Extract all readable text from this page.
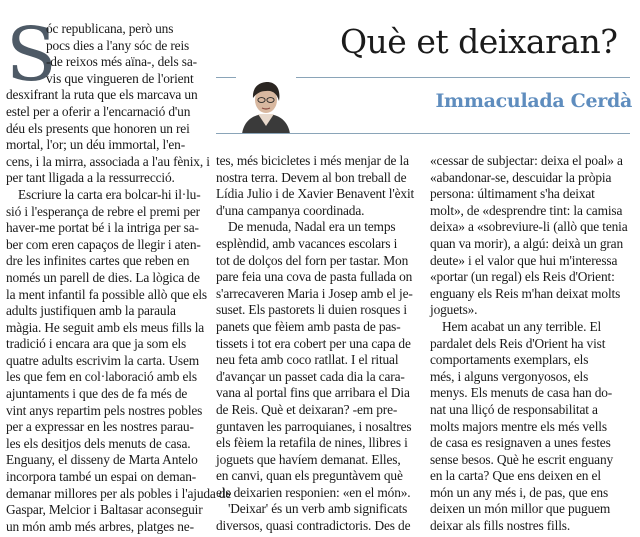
Què et deixaran?
Immaculada Cerdà
S
óc republicana, però uns
pocs dies a l'any sóc de reis
-de reixos més aïna-, dels sa-
vis que vingueren de l'orient
desxifrant la ruta que els marcava un
estel per a oferir a l'encarnació d'un
déu els presents que honoren un rei
mortal, l'or; un déu immortal, l'en-
cens, i la mirra, associada a l'au fènix, i
per tant lligada a la ressurrecció.
Escriure la carta era bolcar-hi il·lu-
sió i l'esperança de rebre el premi per
haver-me portat bé i la intriga per sa-
ber com eren capaços de llegir i aten-
dre les infinites cartes que reben en
només un parell de dies. La lògica de
la ment infantil fa possible allò que els
adults justifiquen amb la paraula
màgia. He seguit amb els meus fills la
tradició i encara ara que ja som els
quatre adults escrivim la carta. Usem
les que fem en col·laboració amb els
ajuntaments i que des de fa més de
vint anys repartim pels nostres pobles
per a expressar en les nostres parau-
les els desitjos dels menuts de casa.
Enguany, el disseny de Marta Antelo
incorpora també un espai on deman-
demanar millores per als pobles i l'ajuda de
Gaspar, Melcior i Baltasar aconseguir
un món amb més arbres, platges ne-
tes, més bicicletes i més menjar de la
nostra terra. Devem al bon treball de
Lídia Julio i de Xavier Benavent l'èxit
d'una campanya coordinada.
De menuda, Nadal era un temps
esplèndid, amb vacances escolars i
tot de dolços del forn per tastar. Mon
pare feia una cova de pasta fullada on
s'arrecaveren Maria i Josep amb el je-
suset. Els pastorets li duien rosques i
panets que fèiem amb pasta de pas-
tissets i tot era cobert per una capa de
neu feta amb coco ratllat. I el ritual
d'avançar un passet cada dia la cara-
vana al portal fins que arribara el Dia
de Reis. Què et deixaran? -em pre-
guntaven les parroquianes, i nosaltres
els fèiem la retafila de nines, llibres i
joguets que havíem demanat. Elles,
en canvi, quan els preguntàvem què
els deixarien responien: «en el món».
'Deixar' és un verb amb significats
diversos, quasi contradictoris. Des de
«cessar de subjectar: deixa el poal» a
«abandonar-se, descuidar la pròpia
persona: últimament s'ha deixat
molt», de «desprendre tint: la camisa
deixa» a «sobreviure-li (allò que tenia
quan va morir), a algú: deixà un gran
deute» i el valor que hui m'interessa
«portar (un regal) els Reis d'Orient:
enguany els Reis m'han deixat molts
joguets».
Hem acabat un any terrible. El
pardalet dels Reis d'Orient ha vist
comportaments exemplars, els
més, i alguns vergonyosos, els
menys. Els menuts de casa han do-
nat una lliçó de responsabilitat a
molts majors mentre els més vells
de casa es resignaven a unes festes
sense besos. Què he escrit enguany
en la carta? Que ens deixen en el
món un any més i, de pas, que ens
deixen un món millor que puguem
deixar als fills nostres fills.
